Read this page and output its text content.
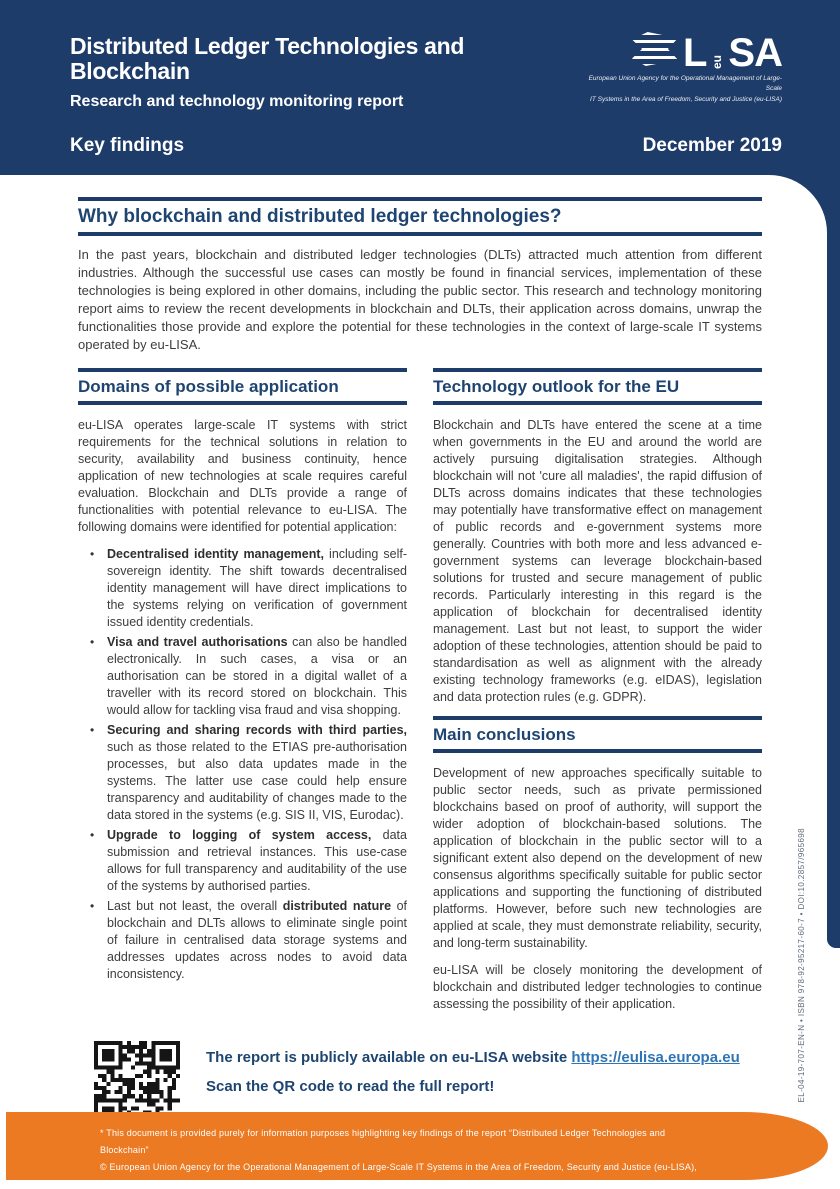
Distributed Ledger Technologies and Blockchain
Research and technology monitoring report
L eu SA
European Union Agency for the Operational Management of Large-Scale
IT Systems in the Area of Freedom, Security and Justice (eu-LISA)
Key findings	December 2019
Why blockchain and distributed ledger technologies?

In the past years, blockchain and distributed ledger technologies (DLTs) attracted much attention from different industries. Although the successful use cases can mostly be found in financial services, implementation of these technologies is being explored in other domains, including the public sector. This research and technology monitoring report aims to review the recent developments in blockchain and DLTs, their application across domains, unwrap the functionalities those provide and explore the potential for these technologies in the context of large-scale IT systems operated by eu-LISA.

Domains of possible application

eu-LISA operates large-scale IT systems with strict requirements for the technical solutions in relation to security, availability and business continuity, hence application of new technologies at scale requires careful evaluation. Blockchain and DLTs provide a range of functionalities with potential relevance to eu-LISA. The following domains were identified for potential application:

•	Decentralised identity management, including self-sovereign identity. The shift towards decentralised identity management will have direct implications to the systems relying on verification of government issued identity credentials.

•	Visa and travel authorisations can also be handled electronically. In such cases, a visa or an authorisation can be stored in a digital wallet of a traveller with its record stored on blockchain. This would allow for tackling visa fraud and visa shopping.

•	Securing and sharing records with third parties, such as those related to the ETIAS pre-authorisation processes, but also data updates made in the systems. The latter use case could help ensure transparency and auditability of changes made to the data stored in the systems (e.g. SIS II, VIS, Eurodac).

•	Upgrade to logging of system access, data submission and retrieval instances. This use-case allows for full transparency and auditability of the use of the systems by authorised parties.

•	Last but not least, the overall distributed nature of blockchain and DLTs allows to eliminate single point of failure in centralised data storage systems and addresses updates across nodes to avoid data inconsistency.

Technology outlook for the EU

Blockchain and DLTs have entered the scene at a time when governments in the EU and around the world are actively pursuing digitalisation strategies. Although blockchain will not 'cure all maladies', the rapid diffusion of DLTs across domains indicates that these technologies may potentially have transformative effect on management of public records and e-government systems more generally. Countries with both more and less advanced e-government systems can leverage blockchain-based solutions for trusted and secure management of public records. Particularly interesting in this regard is the application of blockchain for decentralised identity management. Last but not least, to support the wider adoption of these technologies, attention should be paid to standardisation as well as alignment with the already existing technology frameworks (e.g. eIDAS), legislation and data protection rules (e.g. GDPR).

Main conclusions

Development of new approaches specifically suitable to public sector needs, such as private permissioned blockchains based on proof of authority, will support the wider adoption of blockchain-based solutions. The application of blockchain in the public sector will to a significant extent also depend on the development of new consensus algorithms specifically suitable for public sector applications and supporting the functioning of distributed platforms. However, before such new technologies are applied at scale, they must demonstrate reliability, security, and long-term sustainability.

eu-LISA will be closely monitoring the development of blockchain and distributed ledger technologies to continue assessing the possibility of their application.

The report is publicly available on eu-LISA website https://eulisa.europa.eu

Scan the QR code to read the full report!	EL-04-19-707-EN-N • ISBN 978-92-95217-60-7 • DOI:10.2857/965698

* This document is provided purely for information purposes highlighting key findings of the report “Distributed Ledger Technologies and Blockchain”

© European Union Agency for the Operational Management of Large-Scale IT Systems in the Area of Freedom, Security and Justice (eu-LISA), 2019
